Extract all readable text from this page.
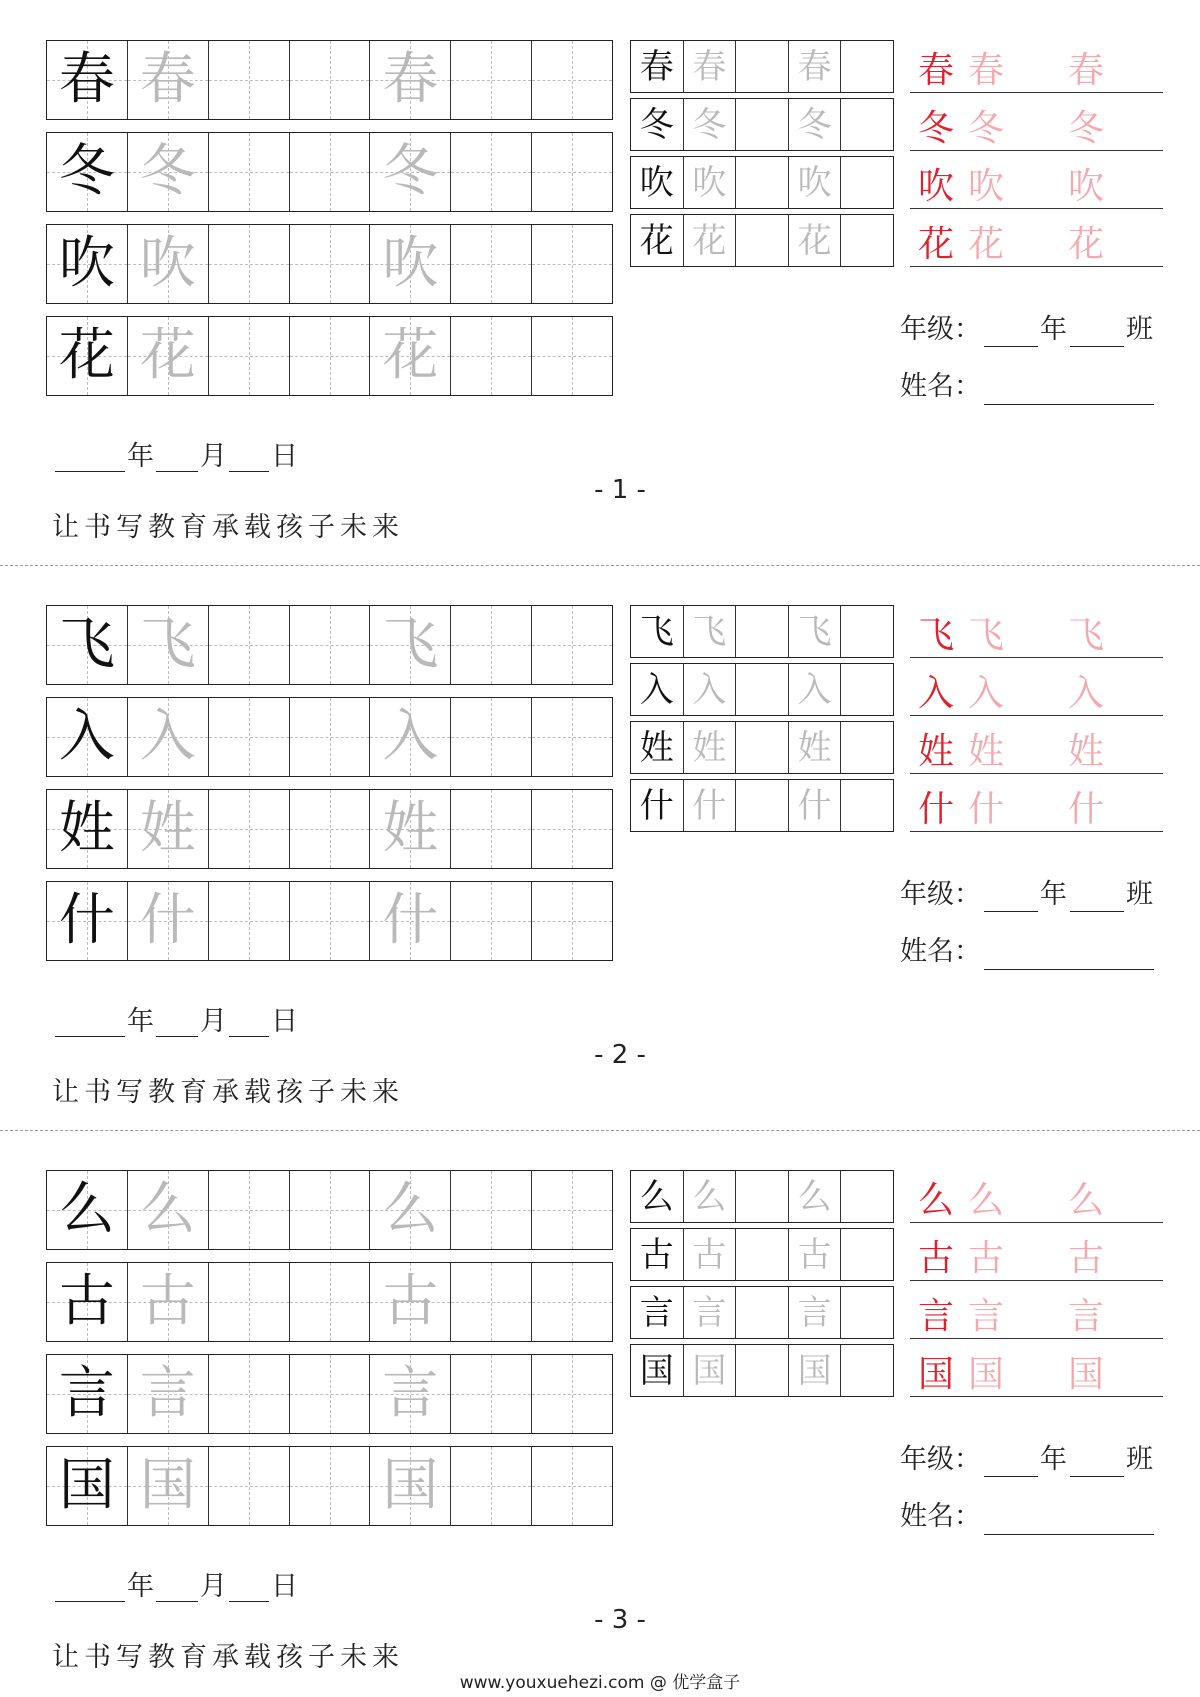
春 春	春
冬 冬	冬
吹 吹	吹
花 花	花
春 春 春
冬 冬 冬
吹 吹 吹
花 花 花
春 春 春
冬 冬 冬
吹 吹 吹
花 花 花
年级： 年 班
姓名：
年 月 日
- 1 -
让书写教育承载孩子未来
飞 飞	飞
入 入	入
姓 姓	姓
什 什	什
飞 飞 飞
入 入 入
姓 姓 姓
什 什 什
飞 飞 飞
入 入 入
姓 姓 姓
什 什 什
年级： 年 班
姓名：
年 月 日
- 2 -
让书写教育承载孩子未来
么 么	么
古 古	古
言 言	言
国 国	国
么 么 么
古 古 古
言 言 言
国 国 国
么 么 么
古 古 古
言 言 言
国 国 国
年级： 年 班
姓名：
年 月 日
- 3 -
让书写教育承载孩子未来
www.youxuehezi.com @ 优学盒子
